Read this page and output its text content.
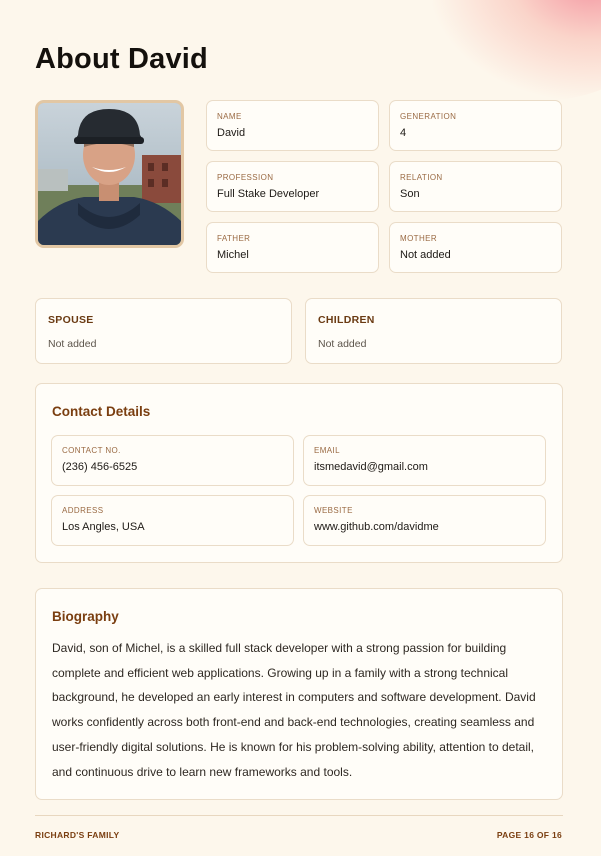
About David
NAME
David
GENERATION
4
PROFESSION
Full Stake Developer
RELATION
Son
FATHER
Michel
MOTHER
Not added
SPOUSE
Not added
CHILDREN
Not added
Contact Details
CONTACT NO.
(236) 456-6525
EMAIL
itsmedavid@gmail.com
ADDRESS
Los Angles, USA
WEBSITE
www.github.com/davidme
Biography

David, son of Michel, is a skilled full stack developer with a strong passion for building complete and efficient web applications. Growing up in a family with a strong technical background, he developed an early interest in computers and software development. David works confidently across both front-end and back-end technologies, creating seamless and user-friendly digital solutions. He is known for his problem-solving ability, attention to detail, and continuous drive to learn new frameworks and tools.

RICHARD'S FAMILY	PAGE 16 OF 16
